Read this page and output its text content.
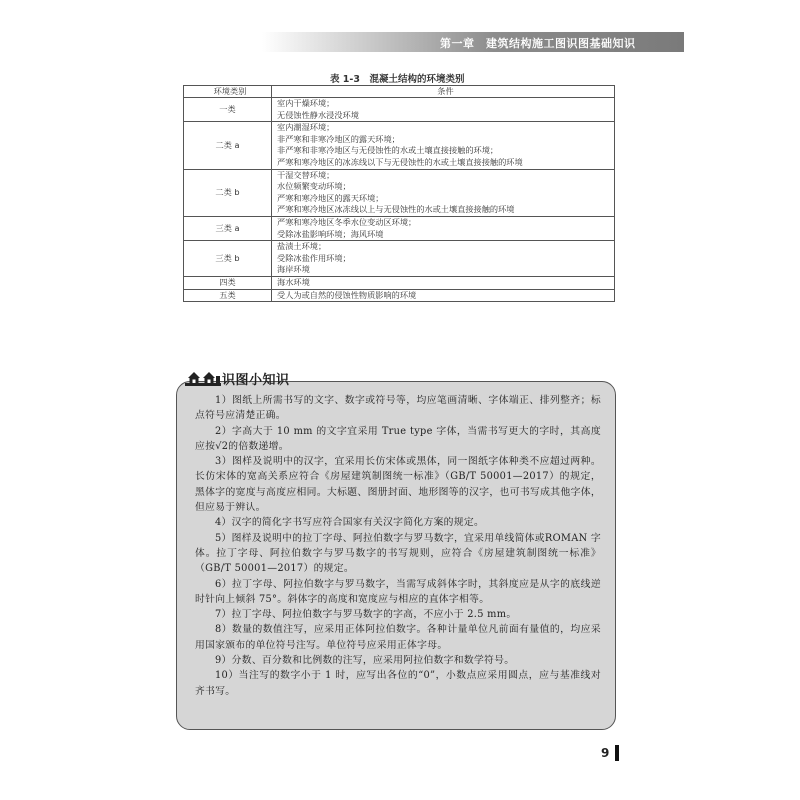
第一章　建筑结构施工图识图基础知识
表 1-3　混凝土结构的环境类别
环境类别	条件
一类	室内干燥环境；
无侵蚀性静水浸没环境

二类 a	室内潮湿环境；
非严寒和非寒冷地区的露天环境；
非严寒和非寒冷地区与无侵蚀性的水或土壤直接接触的环境；
严寒和寒冷地区的冰冻线以下与无侵蚀性的水或土壤直接接触的环境

二类 b	干湿交替环境；
水位频繁变动环境；
严寒和寒冷地区的露天环境；
严寒和寒冷地区冰冻线以上与无侵蚀性的水或土壤直接接触的环境

三类 a	严寒和寒冷地区冬季水位变动区环境；
受除冰盐影响环境；海风环境

三类 b	盐渍土环境；
受除冰盐作用环境；
海岸环境

四类	海水环境

五类	受人为或自然的侵蚀性物质影响的环境

1）图纸上所需书写的文字、数字或符号等，均应笔画清晰、字体端正、排列整齐；标点符号应清楚正确。

2）字高大于 10 mm 的文字宜采用 True type 字体，当需书写更大的字时，其高度应按√2的倍数递增。

3）图样及说明中的汉字，宜采用长仿宋体或黑体，同一图纸字体种类不应超过两种。长仿宋体的宽高关系应符合《房屋建筑制图统一标准》（GB/T 50001—2017）的规定，黑体字的宽度与高度应相同。大标题、图册封面、地形图等的汉字，也可书写成其他字体，但应易于辨认。

4）汉字的简化字书写应符合国家有关汉字简化方案的规定。

5）图样及说明中的拉丁字母、阿拉伯数字与罗马数字，宜采用单线简体或ROMAN 字体。拉丁字母、阿拉伯数字与罗马数字的书写规则，应符合《房屋建筑制图统一标准》（GB/T 50001—2017）的规定。

6）拉丁字母、阿拉伯数字与罗马数字，当需写成斜体字时，其斜度应是从字的底线逆时针向上倾斜 75°。斜体字的高度和宽度应与相应的直体字相等。

7）拉丁字母、阿拉伯数字与罗马数字的字高，不应小于 2.5 mm。

8）数量的数值注写，应采用正体阿拉伯数字。各种计量单位凡前面有量值的，均应采用国家颁布的单位符号注写。单位符号应采用正体字母。

9）分数、百分数和比例数的注写，应采用阿拉伯数字和数学符号。

10）当注写的数字小于 1 时，应写出各位的“0”，小数点应采用圆点，应与基准线对齐书写。

识图小知识
9
